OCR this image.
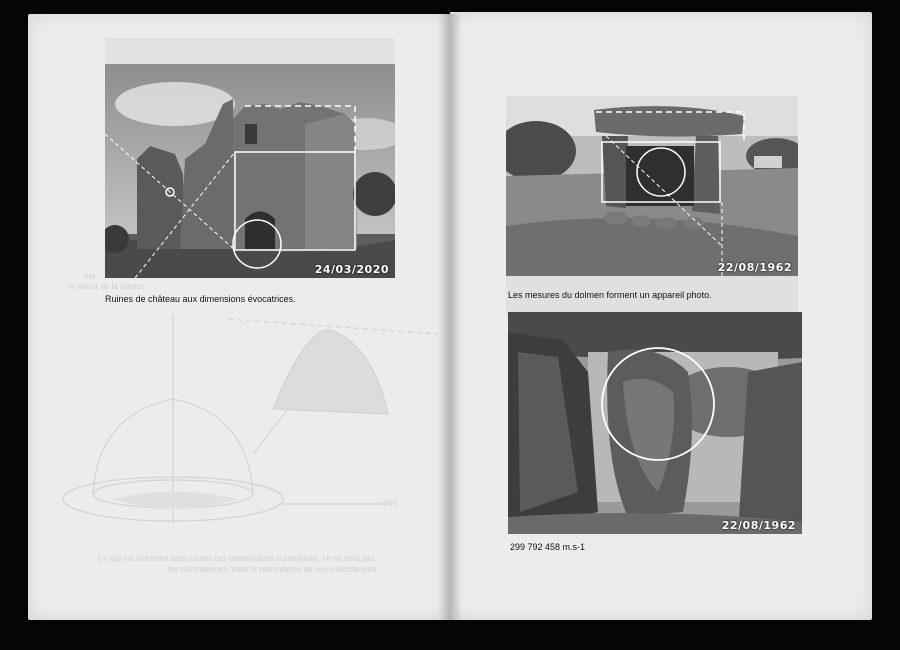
24/03/2020
Ruines de château aux dimensions évocatrices.
est
la valeur de la vitesse
(ref)
Ce qui est fascinant dans toutes ces observations numériques, ce ne sont pas
les coïncidences, mais la redondance de ces coïncidences.
22/08/1962
Les mesures du dolmen forment un appareil photo.
22/08/1962
299 792 458 m.s-1
